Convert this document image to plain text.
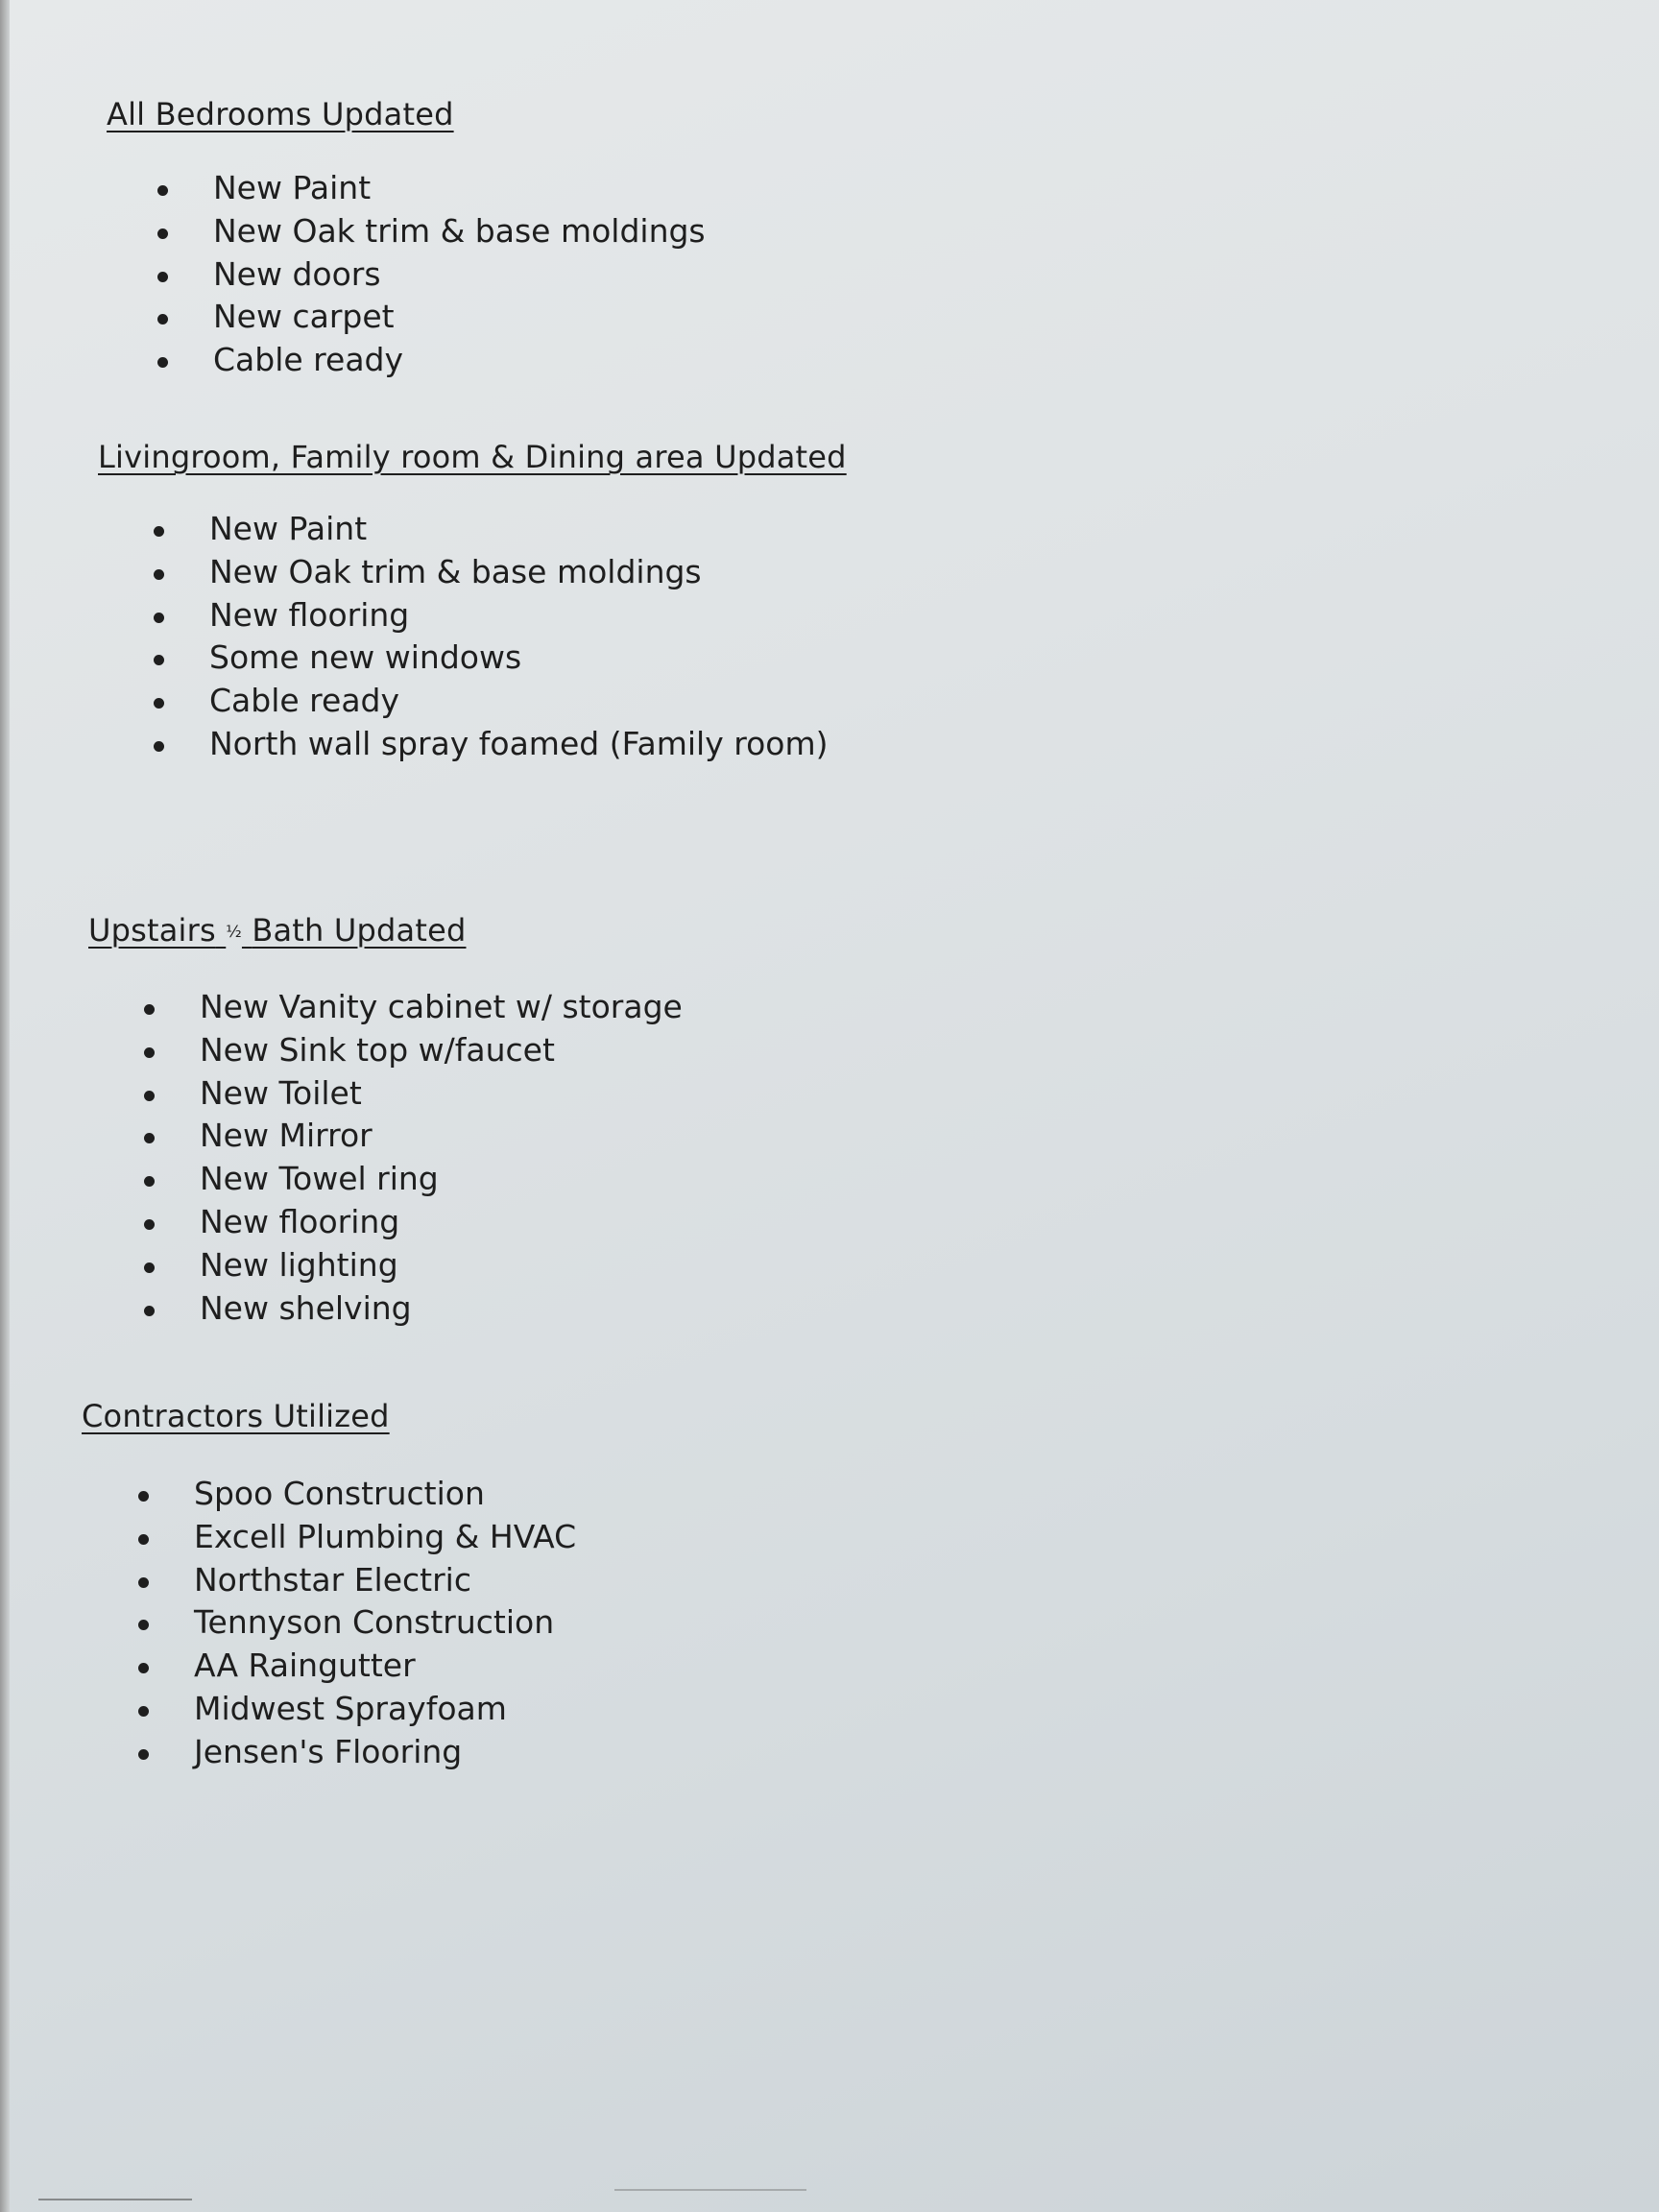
All Bedrooms Updated
New Paint
New Oak trim & base moldings
New doors
New carpet
Cable ready
Livingroom, Family room & Dining area Updated
New Paint
New Oak trim & base moldings
New flooring
Some new windows
Cable ready
North wall spray foamed (Family room)
Upstairs ½ Bath Updated
New Vanity cabinet w/ storage
New Sink top w/faucet
New Toilet
New Mirror
New Towel ring
New flooring
New lighting
New shelving
Contractors Utilized
Spoo Construction
Excell Plumbing & HVAC
Northstar Electric
Tennyson Construction
AA Raingutter
Midwest Sprayfoam
Jensen's Flooring
